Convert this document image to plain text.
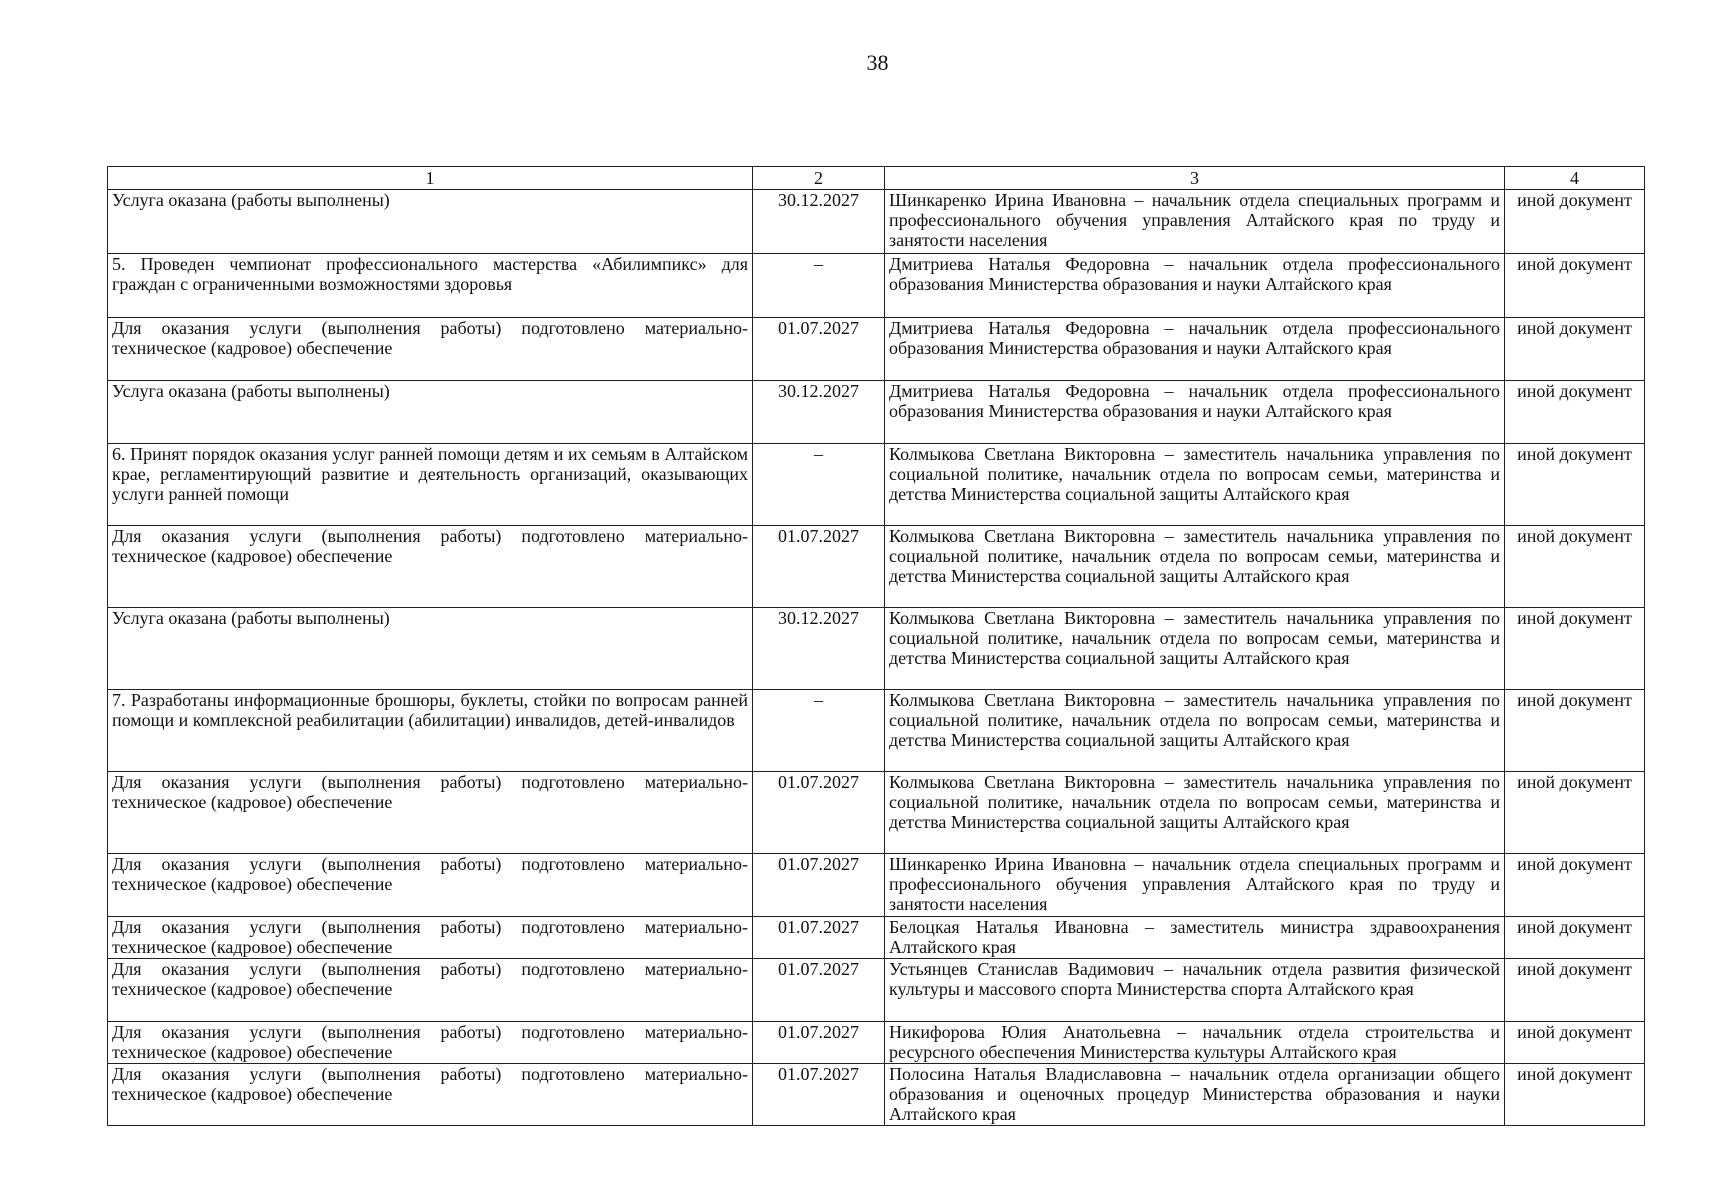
38
1	2	3	4
Услуга оказана (работы выполнены)	30.12.2027	Шинкаренко Ирина Ивановна – начальник отдела специальных программ и профессионального обучения управления Алтайского края по труду и занятости населения	иной документ
5. Проведен чемпионат профессионального мастерства «Абилимпикс» для граждан с ограниченными возможностями здоровья	–	Дмитриева Наталья Федоровна – начальник отдела профессионального образования Министерства образования и науки Алтайского края	иной документ
Для оказания услуги (выполнения работы) подготовлено материально-техническое (кадровое) обеспечение	01.07.2027	Дмитриева Наталья Федоровна – начальник отдела профессионального образования Министерства образования и науки Алтайского края	иной документ
Услуга оказана (работы выполнены)	30.12.2027	Дмитриева Наталья Федоровна – начальник отдела профессионального образования Министерства образования и науки Алтайского края	иной документ
6. Принят порядок оказания услуг ранней помощи детям и их семьям в Алтайском крае, регламентирующий развитие и деятельность организаций, оказывающих услуги ранней помощи	–	Колмыкова Светлана Викторовна – заместитель начальника управления по социальной политике, начальник отдела по вопросам семьи, материнства и детства Министерства социальной защиты Алтайского края	иной документ
Для оказания услуги (выполнения работы) подготовлено материально-техническое (кадровое) обеспечение	01.07.2027	Колмыкова Светлана Викторовна – заместитель начальника управления по социальной политике, начальник отдела по вопросам семьи, материнства и детства Министерства социальной защиты Алтайского края	иной документ
Услуга оказана (работы выполнены)	30.12.2027	Колмыкова Светлана Викторовна – заместитель начальника управления по социальной политике, начальник отдела по вопросам семьи, материнства и детства Министерства социальной защиты Алтайского края	иной документ
7. Разработаны информационные брошюры, буклеты, стойки по вопросам ранней помощи и комплексной реабилитации (абилитации) инвалидов, детей-инвалидов	–	Колмыкова Светлана Викторовна – заместитель начальника управления по социальной политике, начальник отдела по вопросам семьи, материнства и детства Министерства социальной защиты Алтайского края	иной документ
Для оказания услуги (выполнения работы) подготовлено материально-техническое (кадровое) обеспечение	01.07.2027	Колмыкова Светлана Викторовна – заместитель начальника управления по социальной политике, начальник отдела по вопросам семьи, материнства и детства Министерства социальной защиты Алтайского края	иной документ
Для оказания услуги (выполнения работы) подготовлено материально-техническое (кадровое) обеспечение	01.07.2027	Шинкаренко Ирина Ивановна – начальник отдела специальных программ и профессионального обучения управления Алтайского края по труду и занятости населения	иной документ
Для оказания услуги (выполнения работы) подготовлено материально-техническое (кадровое) обеспечение	01.07.2027	Белоцкая Наталья Ивановна – заместитель министра здравоохранения Алтайского края	иной документ
Для оказания услуги (выполнения работы) подготовлено материально-техническое (кадровое) обеспечение	01.07.2027	Устьянцев Станислав Вадимович – начальник отдела развития физической культуры и массового спорта Министерства спорта Алтайского края	иной документ
Для оказания услуги (выполнения работы) подготовлено материально-техническое (кадровое) обеспечение	01.07.2027	Никифорова Юлия Анатольевна – начальник отдела строительства и ресурсного обеспечения Министерства культуры Алтайского края	иной документ
Для оказания услуги (выполнения работы) подготовлено материально-техническое (кадровое) обеспечение	01.07.2027	Полосина Наталья Владиславовна – начальник отдела организации общего образования и оценочных процедур Министерства образования и науки Алтайского края	иной документ
